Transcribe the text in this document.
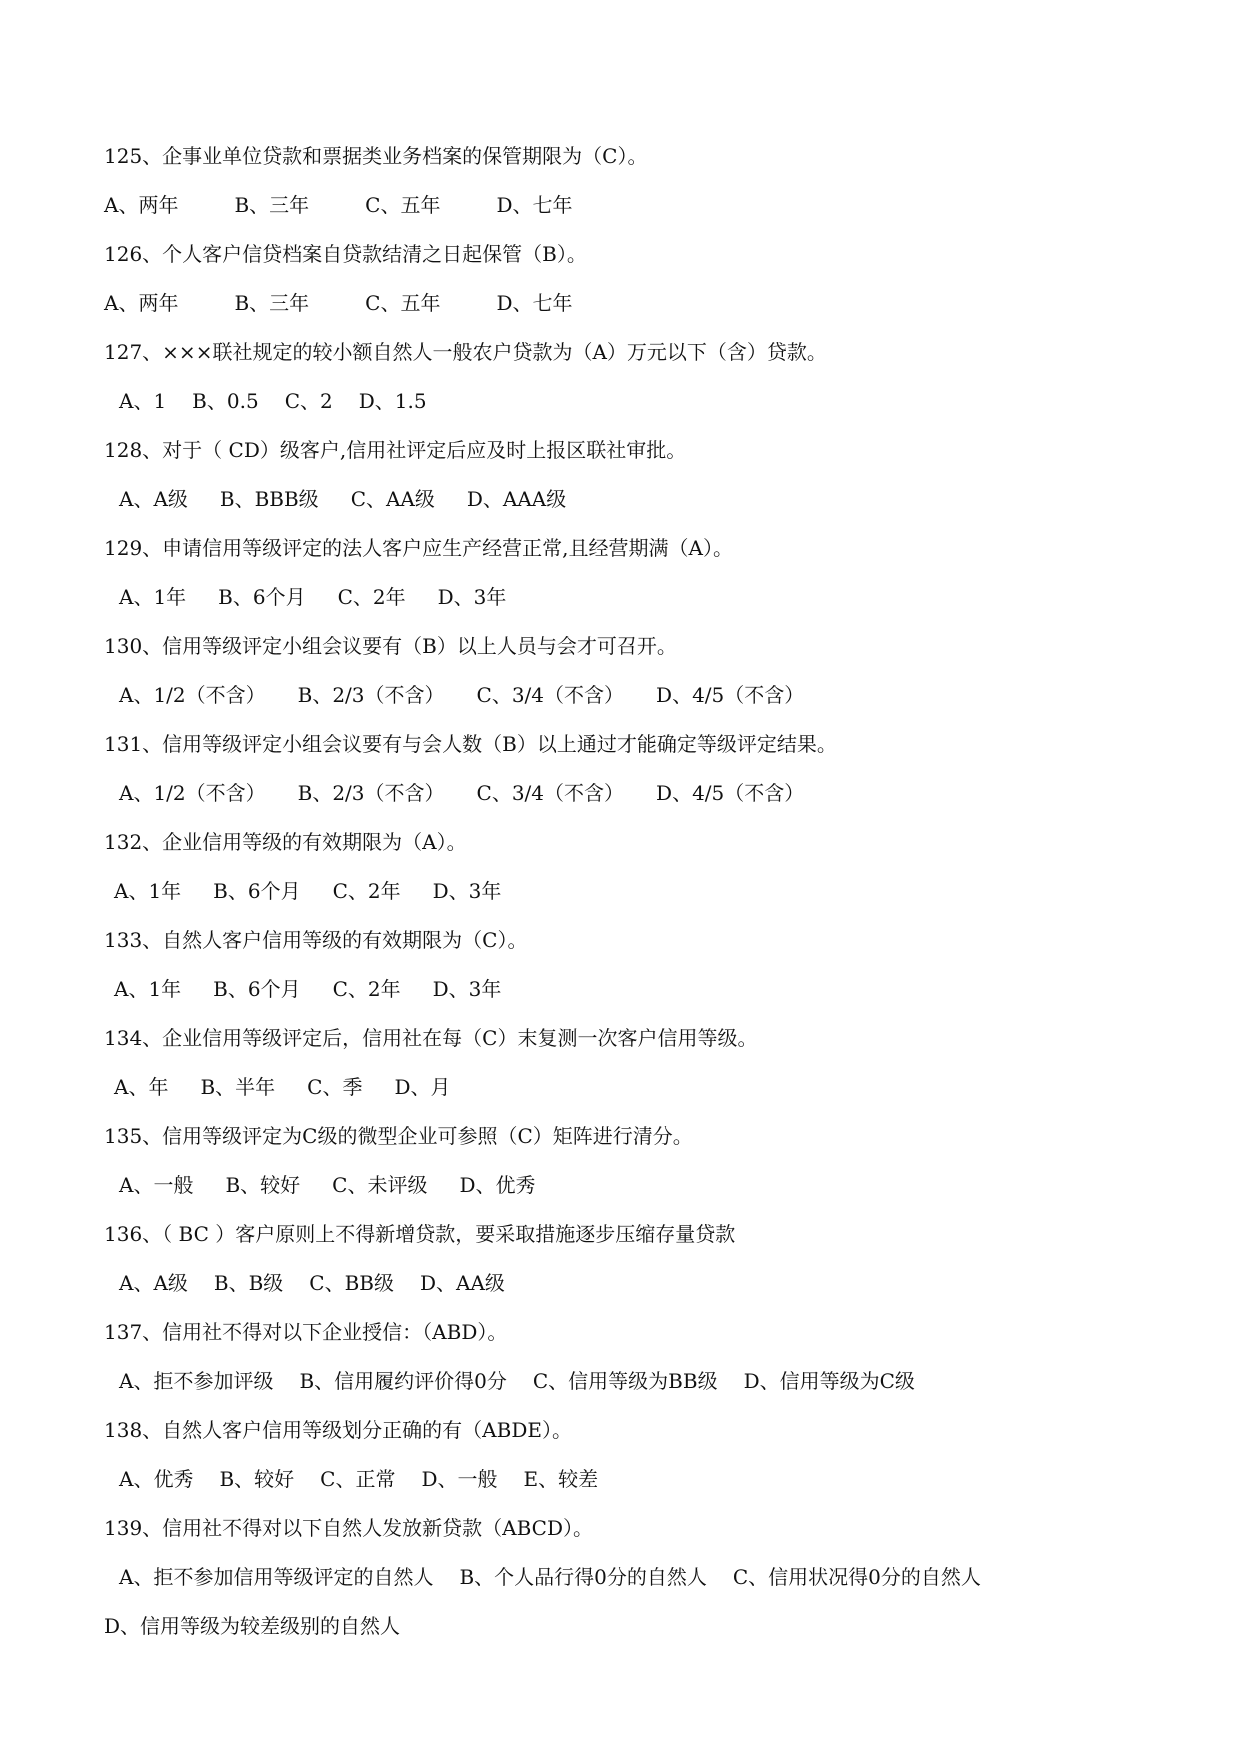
125、企事业单位贷款和票据类业务档案的保管期限为（C）。

A、两年	B、三年	C、五年	D、七年

126、个人客户信贷档案自贷款结清之日起保管（B）。

A、两年	B、三年	C、五年	D、七年

127、×××联社规定的较小额自然人一般农户贷款为（A）万元以下（含）贷款。

A、1 B、0.5 C、2 D、1.5

128、对于（ CD）级客户,信用社评定后应及时上报区联社审批。

A、A级 B、BBB级 C、AA级 D、AAA级

129、申请信用等级评定的法人客户应生产经营正常,且经营期满（A）。

A、1年 B、6个月 C、2年 D、3年

130、信用等级评定小组会议要有（B）以上人员与会才可召开。

A、1/2（不含） B、2/3（不含） C、3/4（不含） D、4/5（不含）

131、信用等级评定小组会议要有与会人数（B）以上通过才能确定等级评定结果。

A、1/2（不含） B、2/3（不含） C、3/4（不含） D、4/5（不含）

132、企业信用等级的有效期限为（A）。

A、1年 B、6个月 C、2年 D、3年

133、自然人客户信用等级的有效期限为（C）。

A、1年 B、6个月 C、2年 D、3年

134、企业信用等级评定后，信用社在每（C）末复测一次客户信用等级。

A、年 B、半年 C、季 D、月

135、信用等级评定为C级的微型企业可参照（C）矩阵进行清分。

A、一般 B、较好 C、未评级 D、优秀

136、（ BC ）客户原则上不得新增贷款，要采取措施逐步压缩存量贷款

A、A级 B、B级 C、BB级 D、AA级

137、信用社不得对以下企业授信：（ABD）。

A、拒不参加评级 B、信用履约评价得0分 C、信用等级为BB级 D、信用等级为C级

138、自然人客户信用等级划分正确的有（ABDE）。

A、优秀 B、较好 C、正常 D、一般 E、较差

139、信用社不得对以下自然人发放新贷款（ABCD）。

A、拒不参加信用等级评定的自然人 B、个人品行得0分的自然人 C、信用状况得0分的自然人

D、信用等级为较差级别的自然人
